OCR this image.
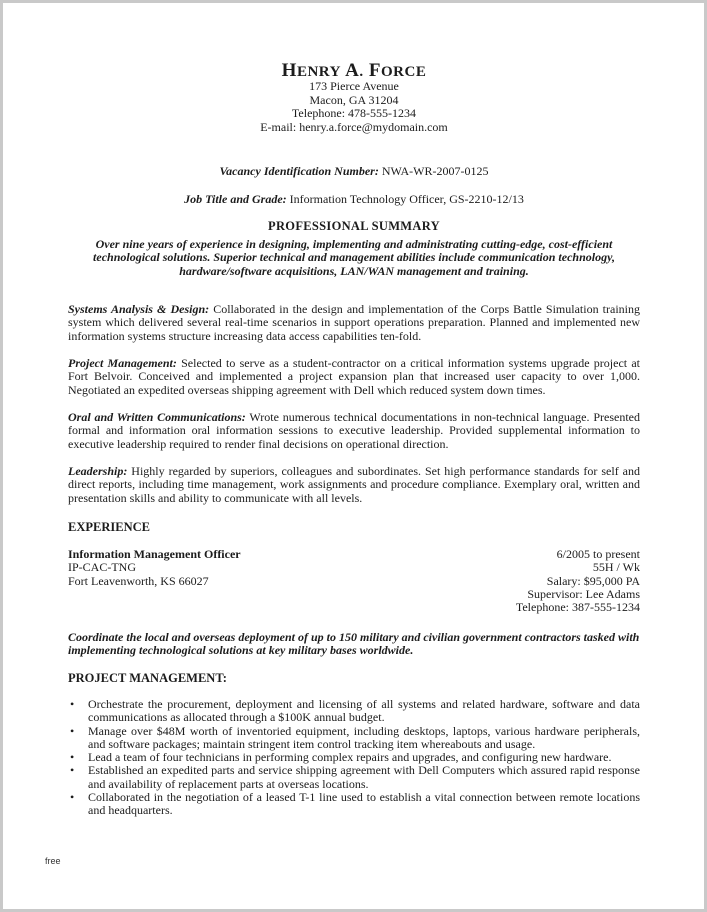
HENRY A. FORCE
173 Pierce Avenue
Macon, GA 31204
Telephone: 478-555-1234
E-mail: henry.a.force@mydomain.com
Vacancy Identification Number: NWA-WR-2007-0125
Job Title and Grade: Information Technology Officer, GS-2210-12/13
PROFESSIONAL SUMMARY
Over nine years of experience in designing, implementing and administrating cutting-edge, cost-efficient technological solutions. Superior technical and management abilities include communication technology, hardware/software acquisitions, LAN/WAN management and training.
Systems Analysis & Design: Collaborated in the design and implementation of the Corps Battle Simulation training system which delivered several real-time scenarios in support operations preparation. Planned and implemented new information systems structure increasing data access capabilities ten-fold.
Project Management: Selected to serve as a student-contractor on a critical information systems upgrade project at Fort Belvoir. Conceived and implemented a project expansion plan that increased user capacity to over 1,000. Negotiated an expedited overseas shipping agreement with Dell which reduced system down times.
Oral and Written Communications: Wrote numerous technical documentations in non-technical language. Presented formal and information oral information sessions to executive leadership. Provided supplemental information to executive leadership required to render final decisions on operational direction.
Leadership: Highly regarded by superiors, colleagues and subordinates. Set high performance standards for self and direct reports, including time management, work assignments and procedure compliance. Exemplary oral, written and presentation skills and ability to communicate with all levels.
EXPERIENCE
Information Management Officer
IP-CAC-TNG
Fort Leavenworth, KS 66027
6/2005 to present
55H / Wk
Salary: $95,000 PA
Supervisor: Lee Adams
Telephone: 387-555-1234
Coordinate the local and overseas deployment of up to 150 military and civilian government contractors tasked with implementing technological solutions at key military bases worldwide.
PROJECT MANAGEMENT:
• Orchestrate the procurement, deployment and licensing of all systems and related hardware, software and data communications as allocated through a $100K annual budget.
• Manage over $48M worth of inventoried equipment, including desktops, laptops, various hardware peripherals, and software packages; maintain stringent item control tracking item whereabouts and usage.
• Lead a team of four technicians in performing complex repairs and upgrades, and configuring new hardware.
• Established an expedited parts and service shipping agreement with Dell Computers which assured rapid response and availability of replacement parts at overseas locations.
• Collaborated in the negotiation of a leased T-1 line used to establish a vital connection between remote locations and headquarters.
free
